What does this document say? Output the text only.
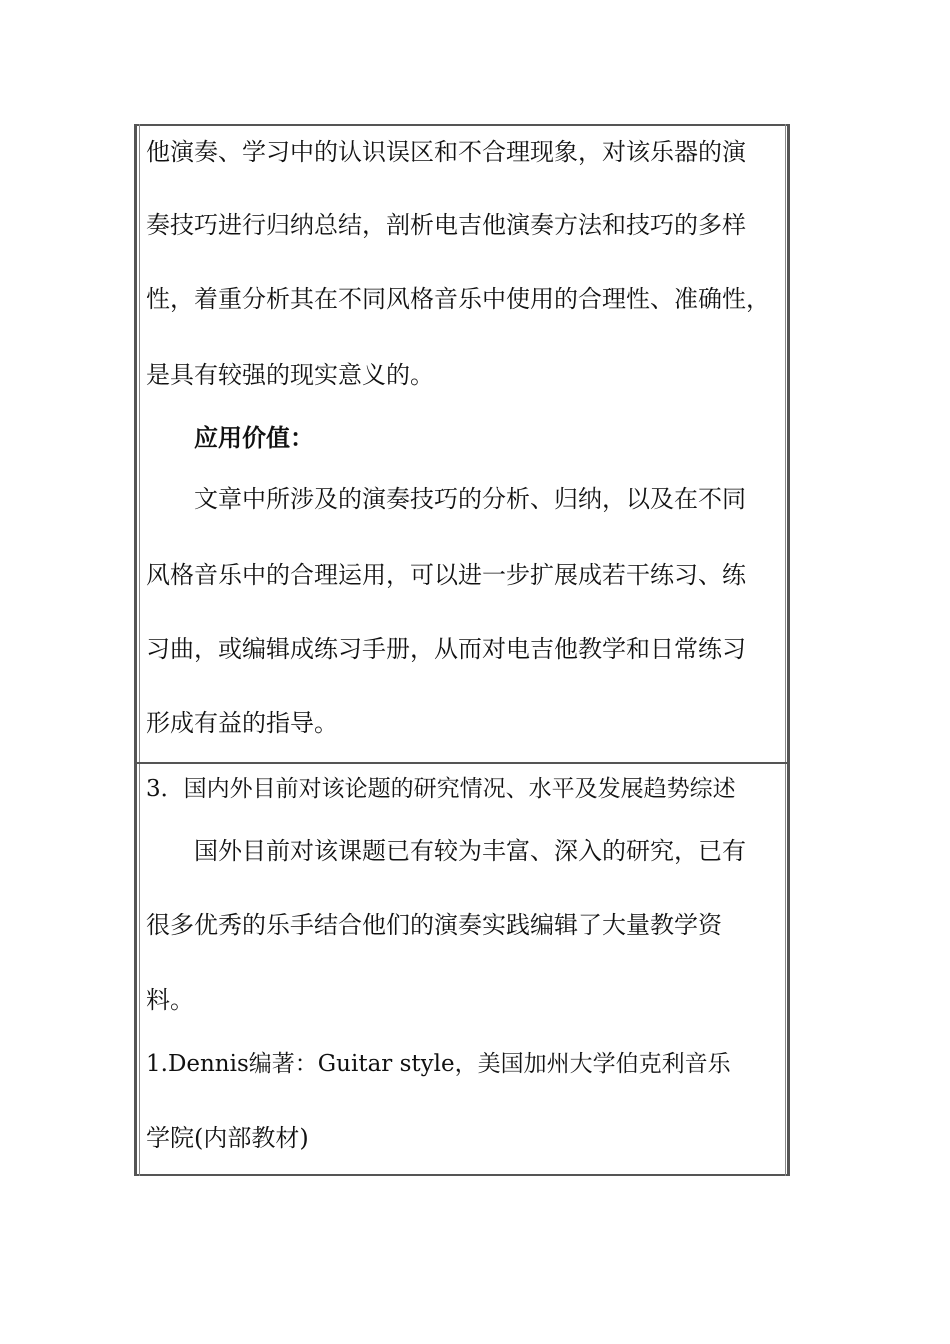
他演奏、学习中的认识误区和不合理现象，对该乐器的演
奏技巧进行归纳总结，剖析电吉他演奏方法和技巧的多样
性，着重分析其在不同风格音乐中使用的合理性、准确性，
是具有较强的现实意义的。
应用价值：
文章中所涉及的演奏技巧的分析、归纳，以及在不同
风格音乐中的合理运用，可以进一步扩展成若干练习、练
习曲，或编辑成练习手册，从而对电吉他教学和日常练习
形成有益的指导。
3．国内外目前对该论题的研究情况、水平及发展趋势综述
国外目前对该课题已有较为丰富、深入的研究，已有
很多优秀的乐手结合他们的演奏实践编辑了大量教学资
料。
1.Dennis编著：Guitar style，美国加州大学伯克利音乐
学院(内部教材)
